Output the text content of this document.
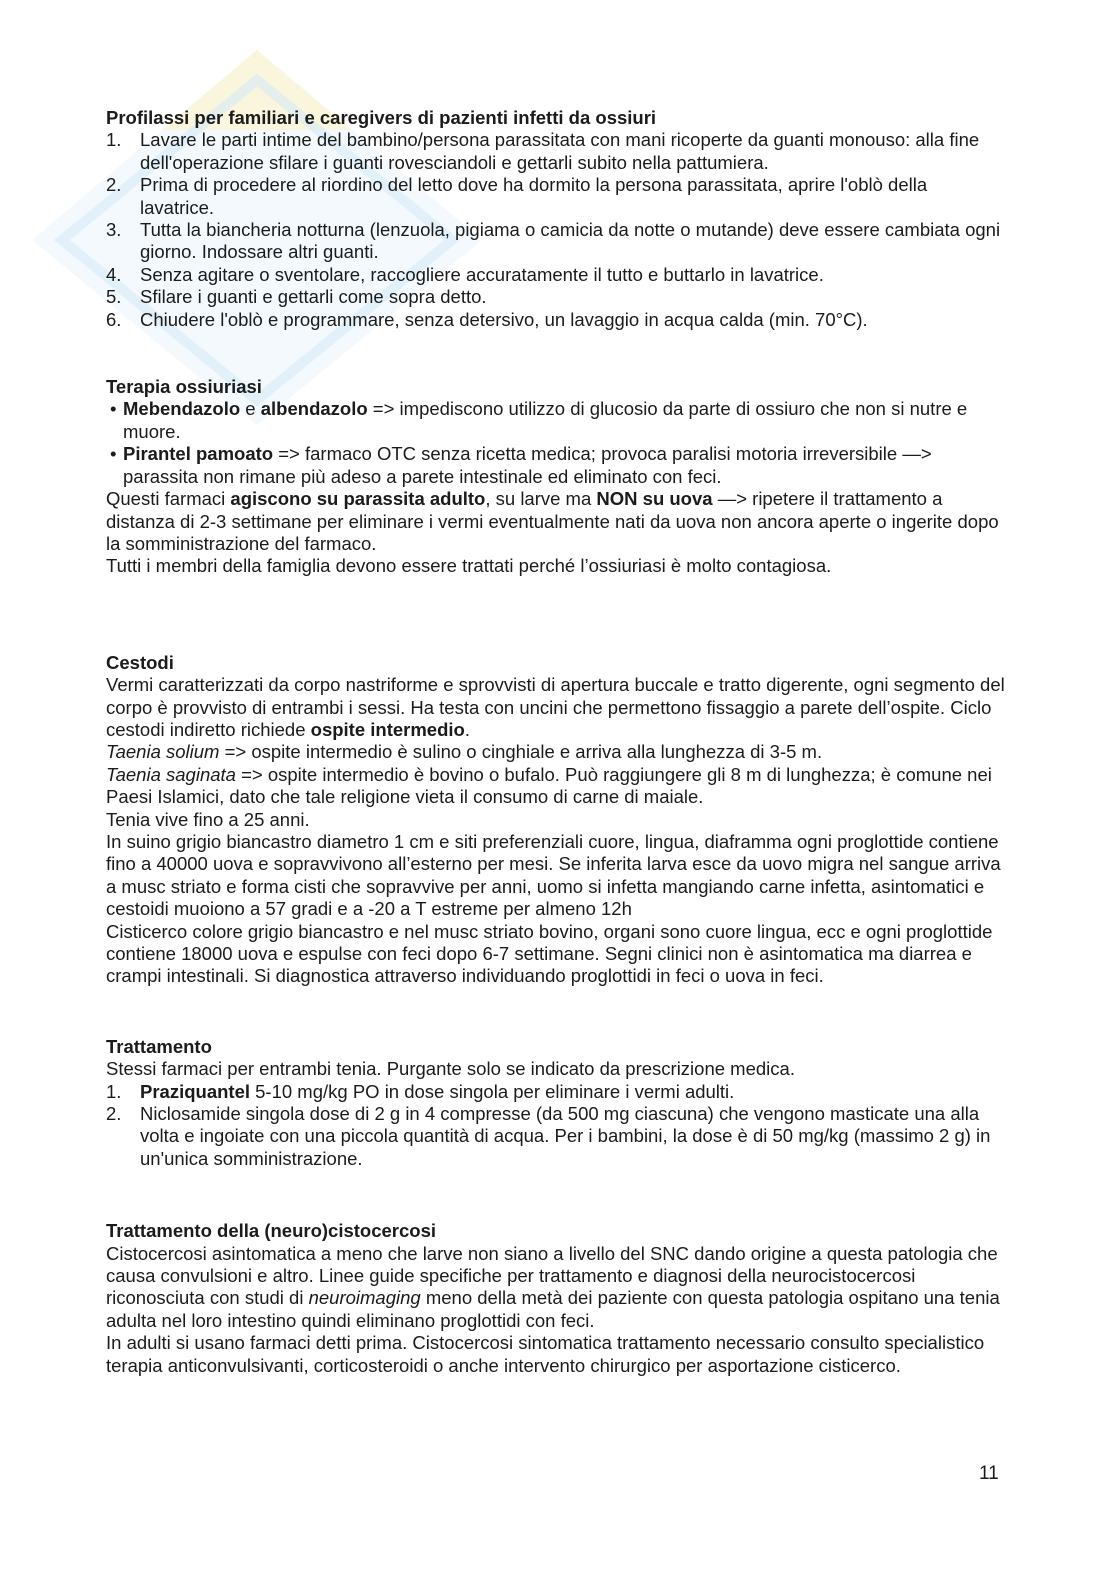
Profilassi per familiari e caregivers di pazienti infetti da ossiuri
1.	Lavare le parti intime del bambino/persona parassitata con mani ricoperte da guanti monouso: alla fine dell'operazione sfilare i guanti rovesciandoli e gettarli subito nella pattumiera.
2.	Prima di procedere al riordino del letto dove ha dormito la persona parassitata, aprire l'oblò della lavatrice.
3.	Tutta la biancheria notturna (lenzuola, pigiama o camicia da notte o mutande) deve essere cambiata ogni giorno. Indossare altri guanti.
4.	Senza agitare o sventolare, raccogliere accuratamente il tutto e buttarlo in lavatrice.
5.	Sfilare i guanti e gettarli come sopra detto.
6.	Chiudere l'oblò e programmare, senza detersivo, un lavaggio in acqua calda (min. 70°C).
Terapia ossiuriasi
• Mebendazolo e albendazolo => impediscono utilizzo di glucosio da parte di ossiuro che non si nutre e muore.
• Pirantel pamoato => farmaco OTC senza ricetta medica; provoca paralisi motoria irreversibile —> parassita non rimane più adeso a parete intestinale ed eliminato con feci.

Questi farmaci agiscono su parassita adulto, su larve ma NON su uova —> ripetere il trattamento a distanza di 2-3 settimane per eliminare i vermi eventualmente nati da uova non ancora aperte o ingerite dopo la somministrazione del farmaco.

Tutti i membri della famiglia devono essere trattati perché l’ossiuriasi è molto contagiosa.

Cestodi

Vermi caratterizzati da corpo nastriforme e sprovvisti di apertura buccale e tratto digerente, ogni segmento del corpo è provvisto di entrambi i sessi. Ha testa con uncini che permettono fissaggio a parete dell’ospite. Ciclo cestodi indiretto richiede ospite intermedio.

Taenia solium => ospite intermedio è sulino o cinghiale e arriva alla lunghezza di 3-5 m.

Taenia saginata => ospite intermedio è bovino o bufalo. Può raggiungere gli 8 m di lunghezza; è comune nei Paesi Islamici, dato che tale religione vieta il consumo di carne di maiale.

Tenia vive fino a 25 anni.

In suino grigio biancastro diametro 1 cm e siti preferenziali cuore, lingua, diaframma ogni proglottide contiene fino a 40000 uova e sopravvivono all’esterno per mesi. Se inferita larva esce da uovo migra nel sangue arriva a musc striato e forma cisti che sopravvive per anni, uomo si infetta mangiando carne infetta, asintomatici e cestoidi muoiono a 57 gradi e a -20 a T estreme per almeno 12h

Cisticerco colore grigio biancastro e nel musc striato bovino, organi sono cuore lingua, ecc e ogni proglottide contiene 18000 uova e espulse con feci dopo 6-7 settimane. Segni clinici non è asintomatica ma diarrea e crampi intestinali. Si diagnostica attraverso individuando proglottidi in feci o uova in feci.

Trattamento

Stessi farmaci per entrambi tenia. Purgante solo se indicato da prescrizione medica.

1.	Praziquantel 5-10 mg/kg PO in dose singola per eliminare i vermi adulti.
2.	Niclosamide singola dose di 2 g in 4 compresse (da 500 mg ciascuna) che vengono masticate una alla volta e ingoiate con una piccola quantità di acqua. Per i bambini, la dose è di 50 mg/kg (massimo 2 g) in un'unica somministrazione.
Trattamento della (neuro)cistocercosi

Cistocercosi asintomatica a meno che larve non siano a livello del SNC dando origine a questa patologia che causa convulsioni e altro. Linee guide specifiche per trattamento e diagnosi della neurocistocercosi riconosciuta con studi di neuroimaging meno della metà dei paziente con questa patologia ospitano una tenia adulta nel loro intestino quindi eliminano proglottidi con feci.

In adulti si usano farmaci detti prima. Cistocercosi sintomatica trattamento necessario consulto specialistico terapia anticonvulsivanti, corticosteroidi o anche intervento chirurgico per asportazione cisticerco.

11
